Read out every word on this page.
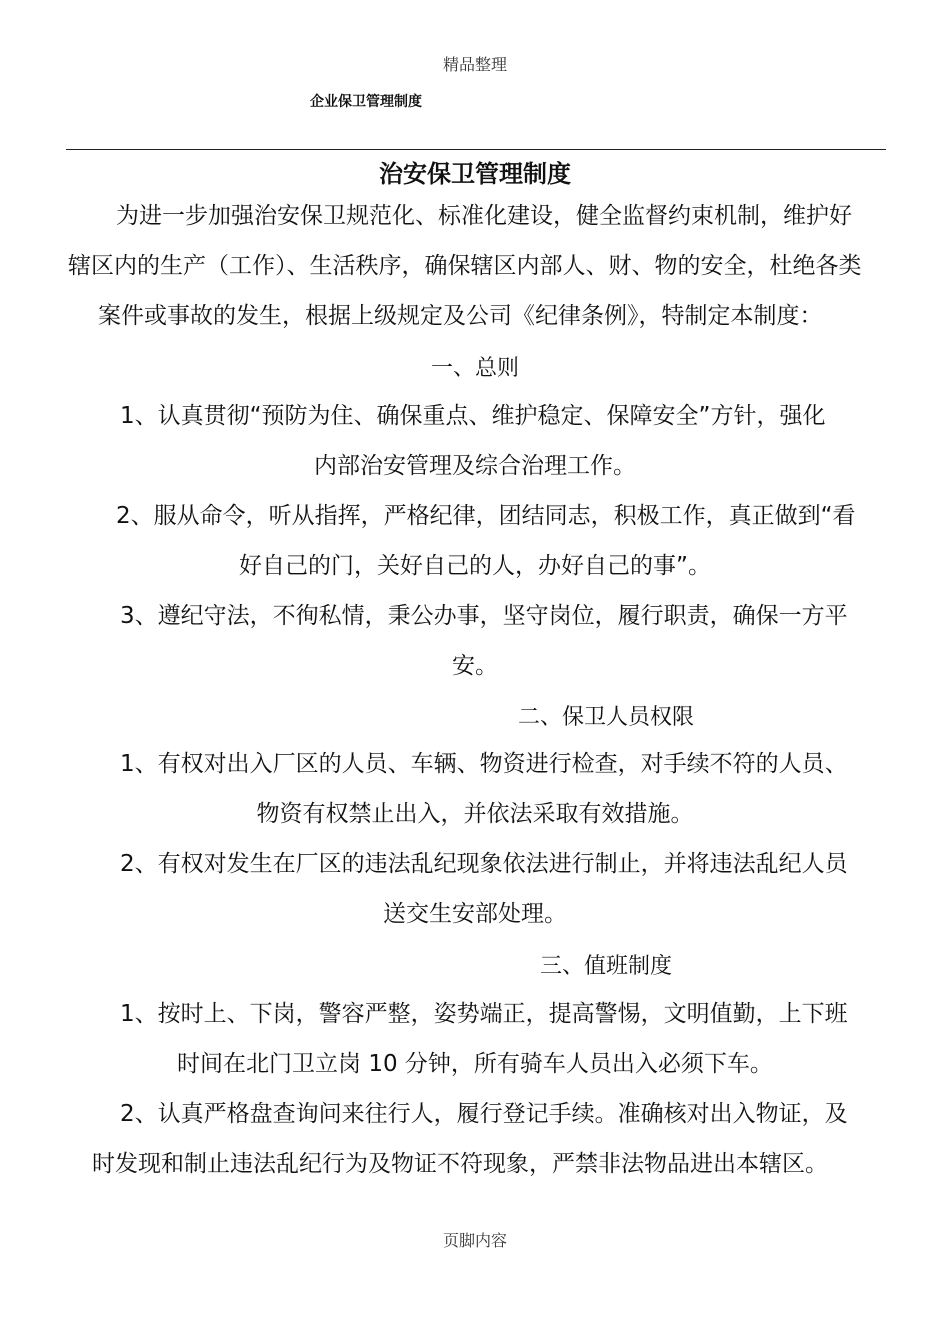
精品整理
企业保卫管理制度
治安保卫管理制度
为进一步加强治安保卫规范化、标准化建设，健全监督约束机制，维护好
辖区内的生产（工作）、生活秩序，确保辖区内部人、财、物的安全，杜绝各类
案件或事故的发生，根据上级规定及公司《纪律条例》，特制定本制度：
一、总则
1、认真贯彻“预防为住、确保重点、维护稳定、保障安全”方针，强化
内部治安管理及综合治理工作。
2、服从命令，听从指挥，严格纪律，团结同志，积极工作，真正做到“看
好自己的门，关好自己的人，办好自己的事”。
3、遵纪守法，不徇私情，秉公办事，坚守岗位，履行职责，确保一方平
安。
二、保卫人员权限
1、有权对出入厂区的人员、车辆、物资进行检查，对手续不符的人员、
物资有权禁止出入，并依法采取有效措施。
2、有权对发生在厂区的违法乱纪现象依法进行制止，并将违法乱纪人员
送交生安部处理。
三、值班制度
1、按时上、下岗，警容严整，姿势端正，提高警惕，文明值勤，上下班
时间在北门卫立岗 10 分钟，所有骑车人员出入必须下车。
2、认真严格盘查询问来往行人，履行登记手续。准确核对出入物证，及
时发现和制止违法乱纪行为及物证不符现象，严禁非法物品进出本辖区。
页脚内容
